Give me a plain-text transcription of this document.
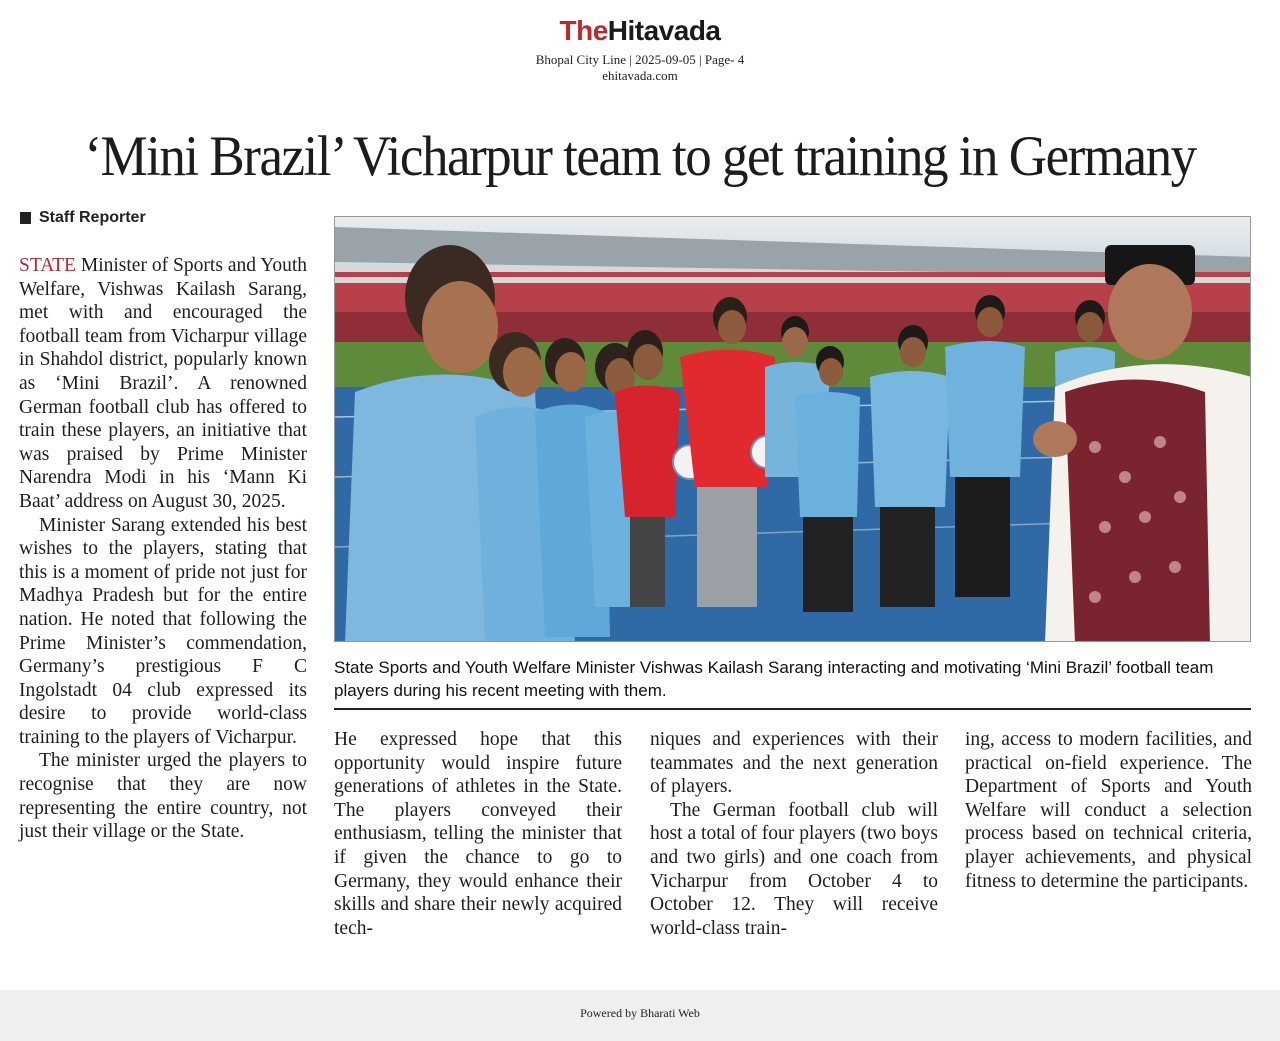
TheHitavada
Bhopal City Line | 2025-09-05 | Page- 4
ehitavada.com
‘Mini Brazil’ Vicharpur team to get training in Germany
Staff Reporter

STATE Minister of Sports and Youth Welfare, Vishwas Kailash Sarang, met with and encouraged the football team from Vicharpur village in Shahdol district, popularly known as ‘Mini Brazil’. A renowned German football club has offered to train these players, an initiative that was praised by Prime Minister Narendra Modi in his ‘Mann Ki Baat’ address on August 30, 2025.

Minister Sarang extended his best wishes to the players, stating that this is a moment of pride not just for Madhya Pradesh but for the entire nation. He noted that following the Prime Minister’s commendation, Germany’s prestigious F C Ingolstadt 04 club expressed its desire to provide world-class training to the players of Vicharpur.

The minister urged the players to recognise that they are now representing the entire country, not just their village or the State.

State Sports and Youth Welfare Minister Vishwas Kailash Sarang interacting and motivating ‘Mini Brazil’ football team players during his recent meeting with them.

He expressed hope that this opportunity would inspire future generations of athletes in the State. The players conveyed their enthusiasm, telling the minister that if given the chance to go to Germany, they would enhance their skills and share their newly acquired tech-

niques and experiences with their teammates and the next generation of players.

The German football club will host a total of four players (two boys and two girls) and one coach from Vicharpur from October 4 to October 12. They will receive world-class train-

ing, access to modern facilities, and practical on-field experience. The Department of Sports and Youth Welfare will conduct a selection process based on technical criteria, player achievements, and physical fitness to determine the participants.

Powered by Bharati Web
